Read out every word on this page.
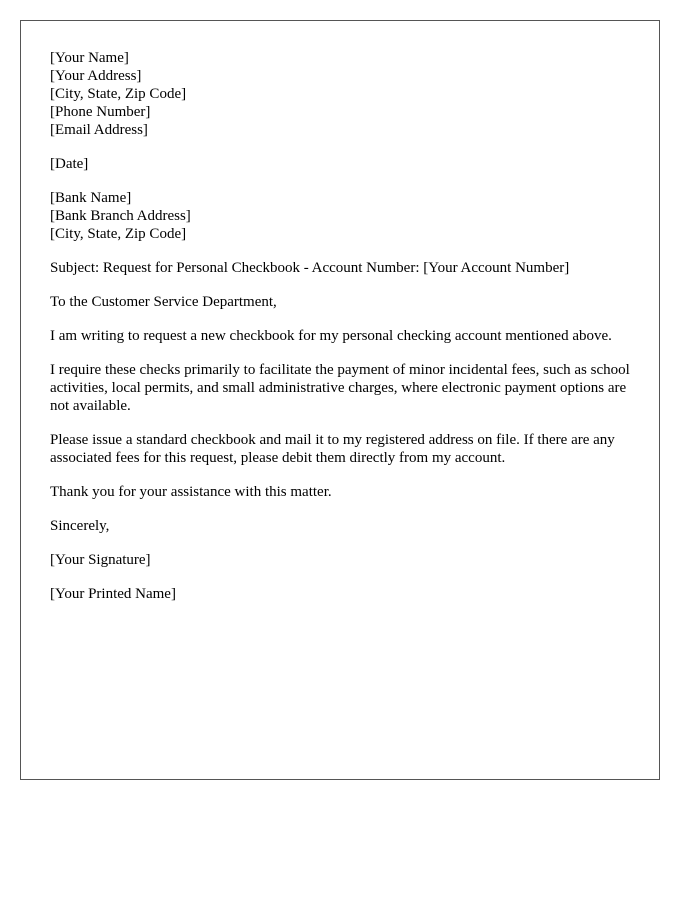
[Your Name]
[Your Address]
[City, State, Zip Code]
[Phone Number]
[Email Address]
[Date]
[Bank Name]
[Bank Branch Address]
[City, State, Zip Code]

Subject: Request for Personal Checkbook - Account Number: [Your Account Number]

To the Customer Service Department,

I am writing to request a new checkbook for my personal checking account mentioned above.

I require these checks primarily to facilitate the payment of minor incidental fees, such as school activities, local permits, and small administrative charges, where electronic payment options are not available.

Please issue a standard checkbook and mail it to my registered address on file. If there are any associated fees for this request, please debit them directly from my account.

Thank you for your assistance with this matter.

Sincerely,

[Your Signature]

[Your Printed Name]
